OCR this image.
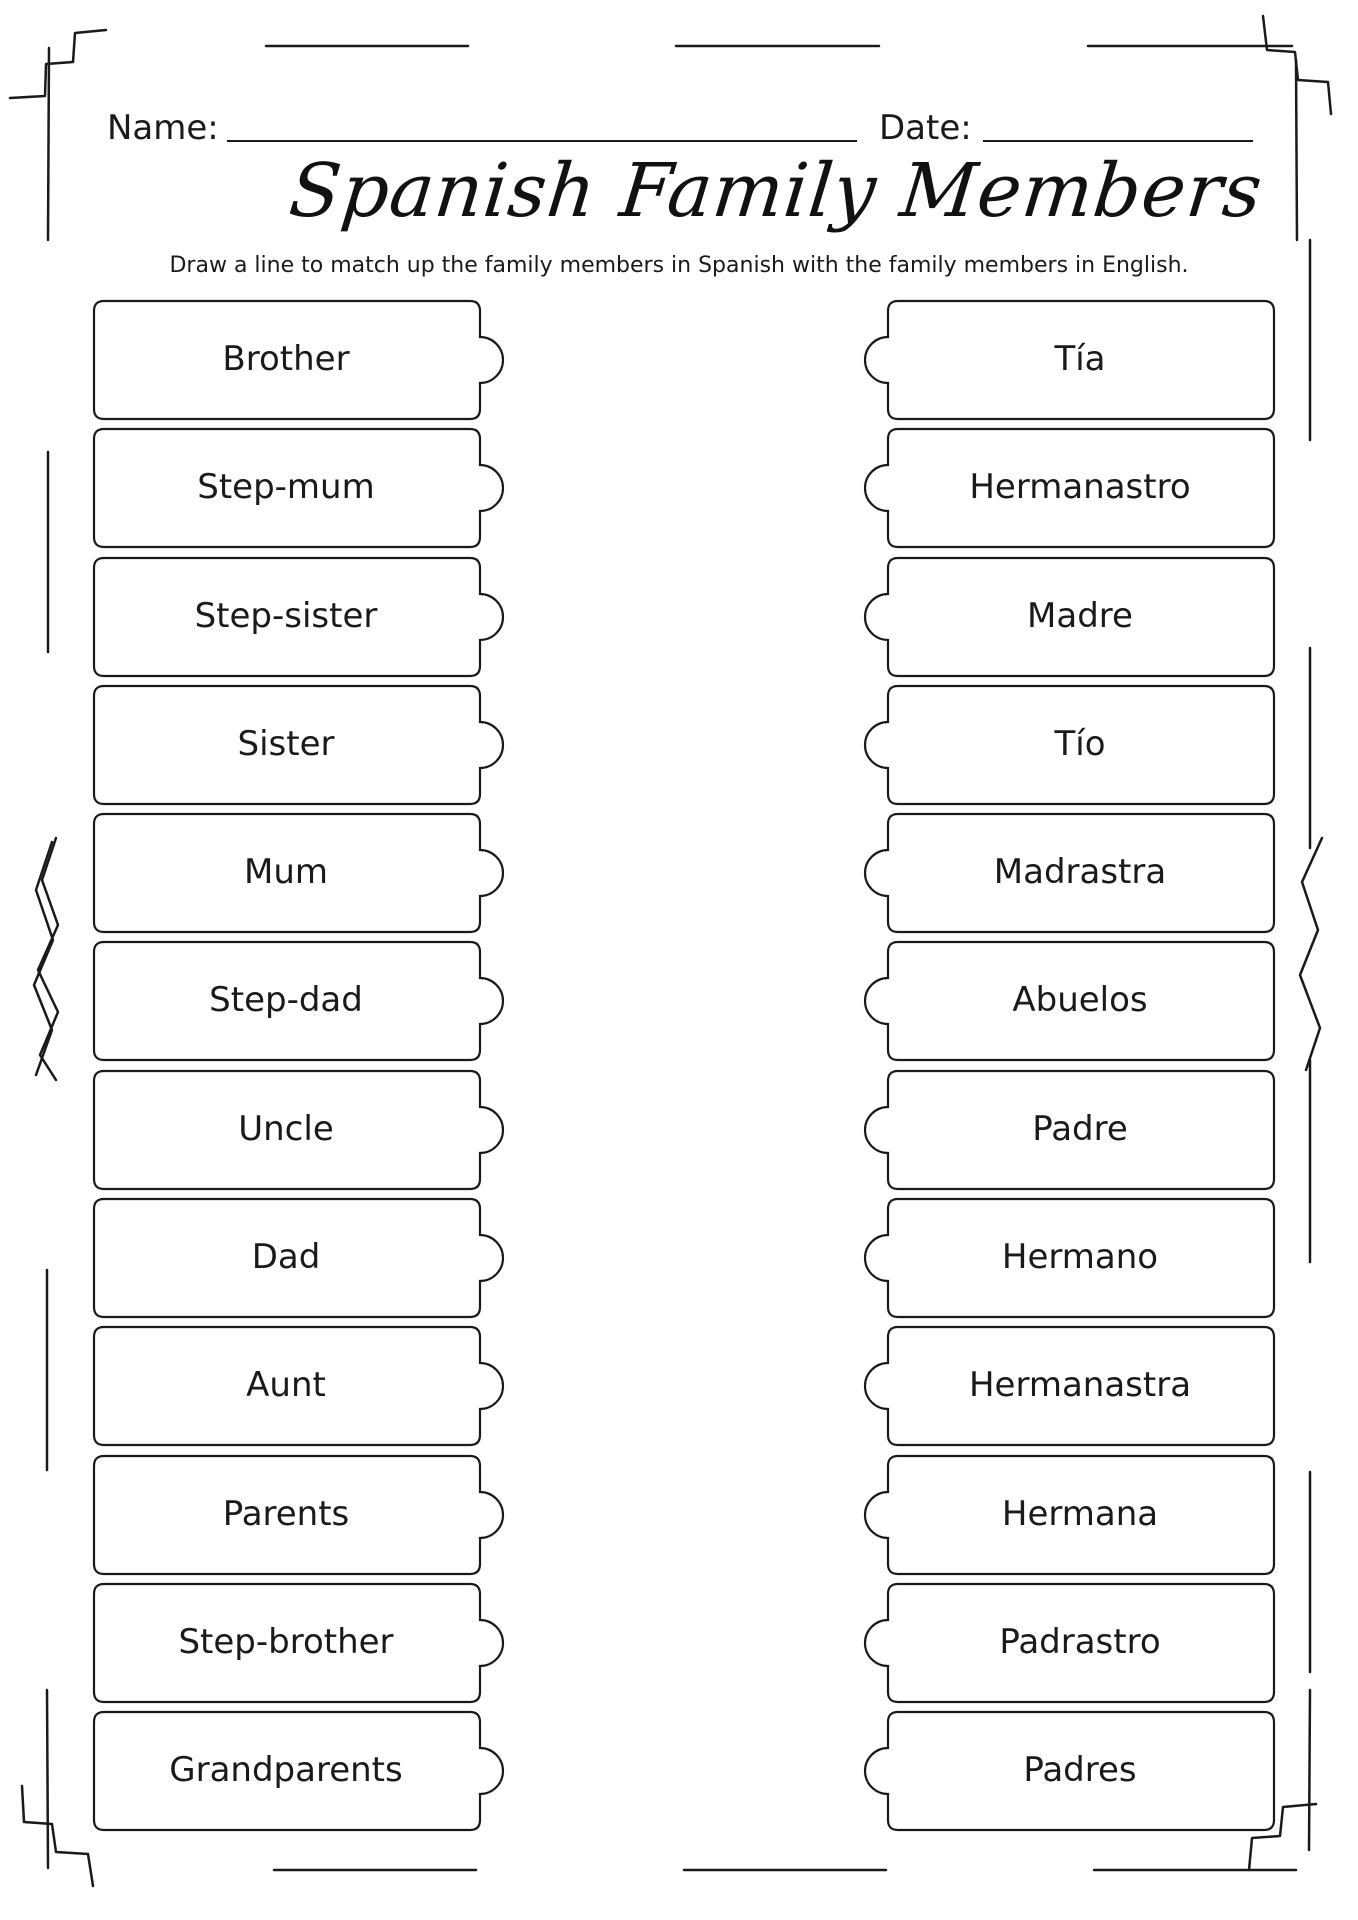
Name:	Date:
Spanish Family Members
Draw a line to match up the family members in Spanish with the family members in English.
Brother
Step-mum
Step-sister
Sister
Mum
Step-dad
Uncle
Dad
Aunt
Parents
Step-brother
Grandparents
Tía
Hermanastro
Madre
Tío
Madrastra
Abuelos
Padre
Hermano
Hermanastra
Hermana
Padrastro
Padres
